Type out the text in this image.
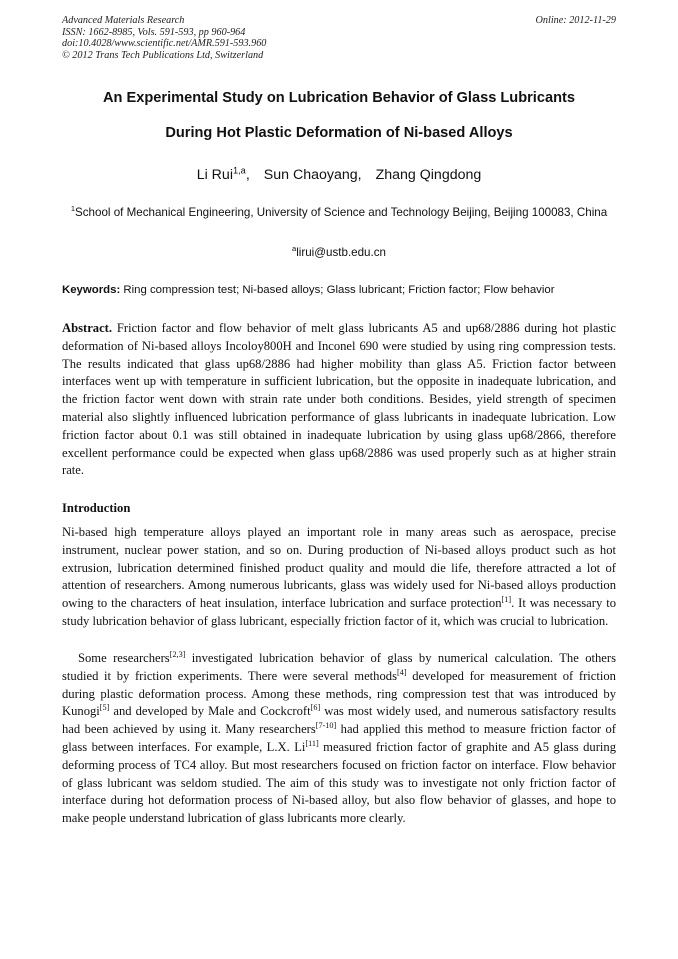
Advanced Materials Research
ISSN: 1662-8985, Vols. 591-593, pp 960-964
doi:10.4028/www.scientific.net/AMR.591-593.960
© 2012 Trans Tech Publications Ltd, Switzerland
Online: 2012-11-29
An Experimental Study on Lubrication Behavior of Glass Lubricants
During Hot Plastic Deformation of Ni-based Alloys
Li Rui$^{1,a}$, Sun Chaoyang, Zhang Qingdong
$^1$School of Mechanical Engineering, University of Science and Technology Beijing, Beijing 100083, China
$^a$lirui@ustb.edu.cn
Keywords: Ring compression test; Ni-based alloys; Glass lubricant; Friction factor; Flow behavior
Abstract. Friction factor and flow behavior of melt glass lubricants A5 and up68/2886 during hot plastic deformation of Ni-based alloys Incoloy800H and Inconel 690 were studied by using ring compression tests. The results indicated that glass up68/2886 had higher mobility than glass A5. Friction factor between interfaces went up with temperature in sufficient lubrication, but the opposite in inadequate lubrication, and the friction factor went down with strain rate under both conditions. Besides, yield strength of specimen material also slightly influenced lubrication performance of glass lubricants in inadequate lubrication. Low friction factor about 0.1 was still obtained in inadequate lubrication by using glass up68/2866, therefore excellent performance could be expected when glass up68/2886 was used properly such as at higher strain rate.
Introduction
Ni-based high temperature alloys played an important role in many areas such as aerospace, precise instrument, nuclear power station, and so on. During production of Ni-based alloys product such as hot extrusion, lubrication determined finished product quality and mould die life, therefore attracted a lot of attention of researchers. Among numerous lubricants, glass was widely used for Ni-based alloys production owing to the characters of heat insulation, interface lubrication and surface protection[1]. It was necessary to study lubrication behavior of glass lubricant, especially friction factor of it, which was crucial to lubrication.
Some researchers[2,3] investigated lubrication behavior of glass by numerical calculation. The others studied it by friction experiments. There were several methods[4] developed for measurement of friction during plastic deformation process. Among these methods, ring compression test that was introduced by Kunogi[5] and developed by Male and Cockcroft[6] was most widely used, and numerous satisfactory results had been achieved by using it. Many researchers[7-10] had applied this method to measure friction factor of glass between interfaces. For example, L.X. Li[11] measured friction factor of graphite and A5 glass during deforming process of TC4 alloy. But most researchers focused on friction factor on interface. Flow behavior of glass lubricant was seldom studied. The aim of this study was to investigate not only friction factor of interface during hot deformation process of Ni-based alloy, but also flow behavior of glasses, and hope to make people understand lubrication of glass lubricants more clearly.
